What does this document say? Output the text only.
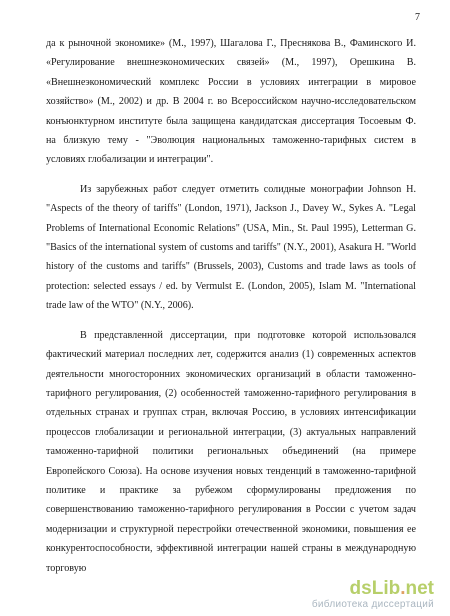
7

да к рыночной экономике» (М., 1997), Шагалова Г., Преснякова В., Фаминского И. «Регулирование внешнеэкономических связей» (М., 1997), Орешкина В. «Внешнеэкономический комплекс России в условиях интеграции в мировое хозяйство» (М., 2002) и др. В 2004 г. во Всероссийском научно-исследовательском конъюнктурном институте была защищена кандидатская диссертация Тосоевым Ф. на близкую тему - "Эволюция национальных таможенно-тарифных систем в условиях глобализации и интеграции".

Из зарубежных работ следует отметить солидные монографии Johnson H. "Aspects of the theory of tariffs" (London, 1971), Jackson J., Davey W., Sykes A. "Legal Problems of International Economic Relations" (USA, Min., St. Paul 1995), Letterman G. "Basics of the international system of customs and tariffs" (N.Y., 2001), Asakura H. "World history of the customs and tariffs" (Brussels, 2003), Customs and trade laws as tools of protection: selected essays / ed. by Vermulst E. (London, 2005), Islam M. "International trade law of the WTO" (N.Y., 2006).

В представленной диссертации, при подготовке которой использовался фактический материал последних лет, содержится анализ (1) современных аспектов деятельности многосторонних экономических организаций в области таможенно-тарифного регулирования, (2) особенностей таможенно-тарифного регулирования в отдельных странах и группах стран, включая Россию, в условиях интенсификации процессов глобализации и региональной интеграции, (3) актуальных направлений таможенно-тарифной политики региональных объединений (на примере Европейского Союза). На основе изучения новых тенденций в таможенно-тарифной политике и практике за рубежом сформулированы предложения по совершенствованию таможенно-тарифного регулирования в России с учетом задач модернизации и структурной перестройки отечественной экономики, повышения ее конкурентоспособности, эффективной интеграции нашей страны в международную торговую

dsLib.net
библиотека диссертаций
